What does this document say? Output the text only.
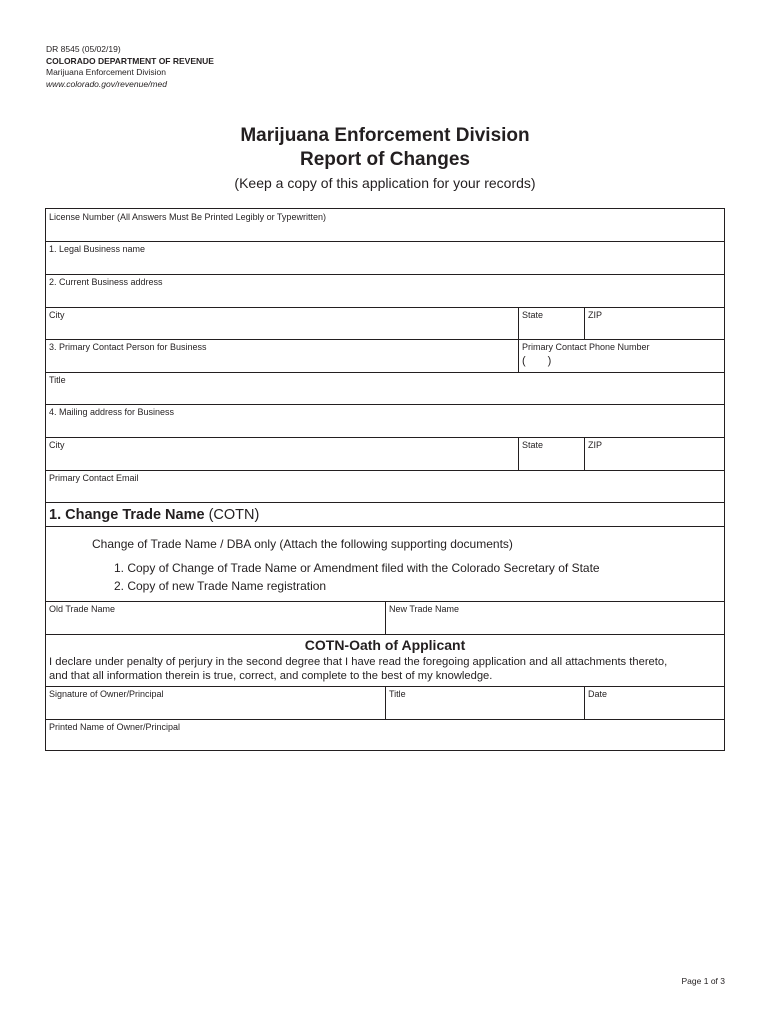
DR 8545 (05/02/19)
COLORADO DEPARTMENT OF REVENUE
Marijuana Enforcement Division
www.colorado.gov/revenue/med
Marijuana Enforcement Division
Report of Changes
(Keep a copy of this application for your records)
License Number (All Answers Must Be Printed Legibly or Typewritten)
1. Legal Business name
2. Current Business address
City	State	ZIP
3. Primary Contact Person for Business	Primary Contact Phone Number
( )
Title
4. Mailing address for Business
City	State	ZIP
Primary Contact Email
1. Change Trade Name (COTN)
Change of Trade Name / DBA only (Attach the following supporting documents)
1. Copy of Change of Trade Name or Amendment filed with the Colorado Secretary of State
2. Copy of new Trade Name registration
Old Trade Name	New Trade Name
COTN-Oath of Applicant
I declare under penalty of perjury in the second degree that I have read the foregoing application and all attachments thereto, and that all information therein is true, correct, and complete to the best of my knowledge.
Signature of Owner/Principal	Title	Date
Printed Name of Owner/Principal
Page 1 of 3
